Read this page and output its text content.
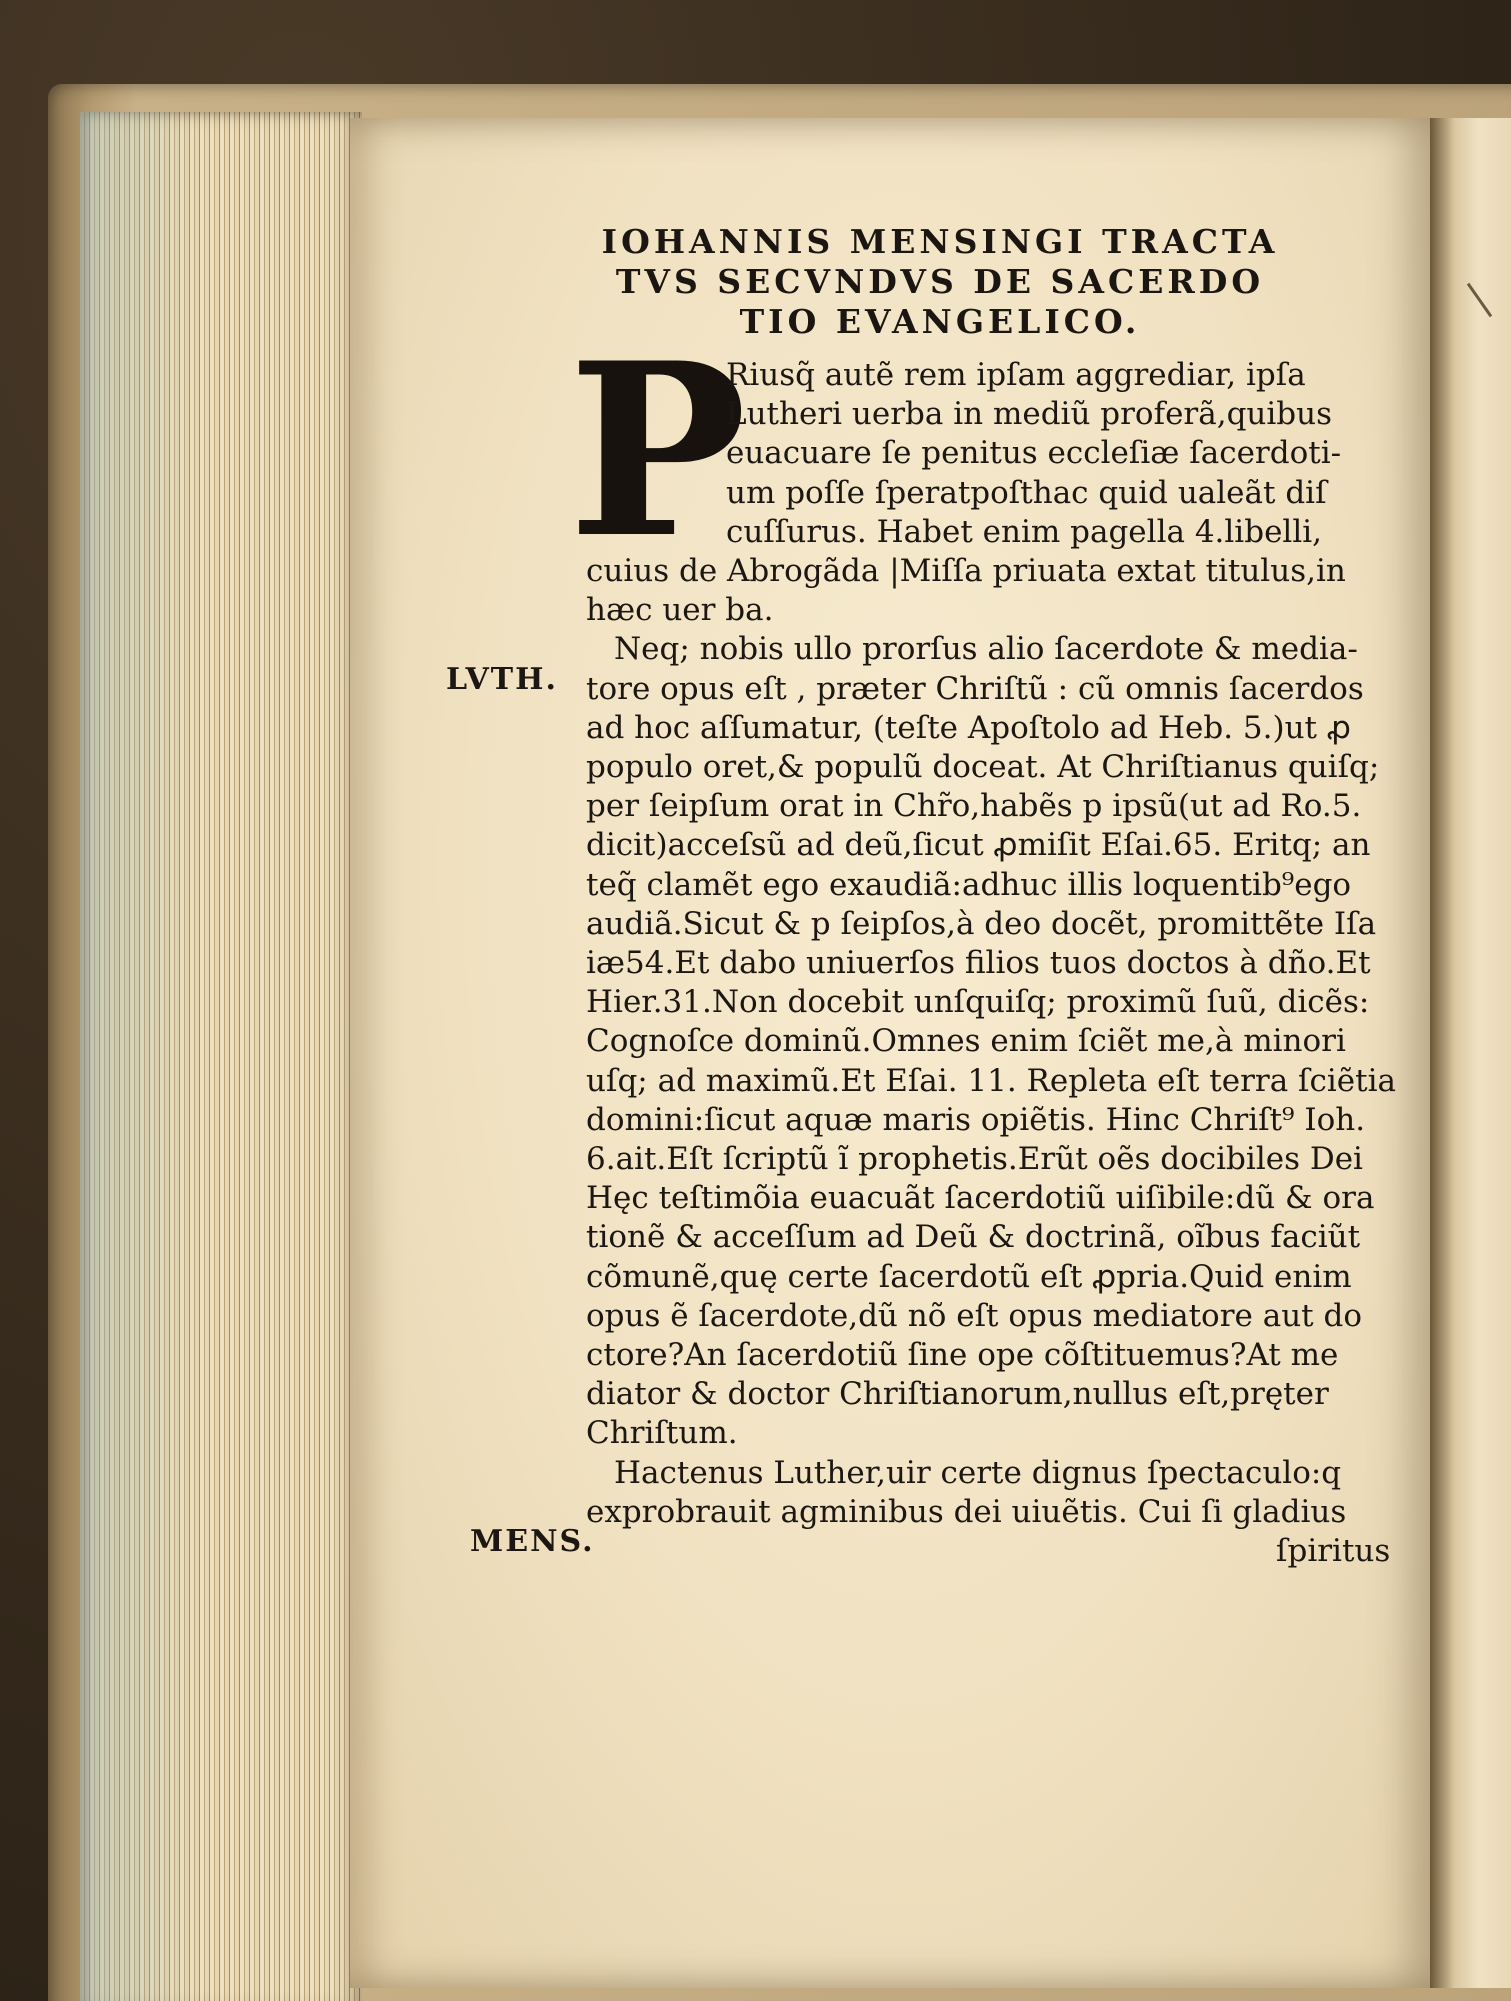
IOHANNIS MENSINGI TRACTA
TVS SECVNDVS DE SACERDO
TIO EVANGELICO.
P
Riusq̃ autẽ rem ipſam aggrediar, ipſa
Lutheri uerba in mediũ proferã,quibus
euacuare ſe penitus eccleſiæ ſacerdoti-
um poſſe ſperatpoſthac quid ualeãt diſ
cuſſurus. Habet enim pagella 4.libelli,
cuius de Abrogãda |Miſſa priuata extat titulus,in
hæc uer ba.
Neq; nobis ullo prorſus alio ſacerdote & media-
tore opus eſt , præter Chriſtũ : cũ omnis ſacerdos
ad hoc aſſumatur, (teſte Apoſtolo ad Heb. 5.)ut ꝓ
populo oret,& populũ doceat. At Chriſtianus quiſq;
per ſeipſum orat in Chr̃o,habẽs p ipsũ(ut ad Ro.5.
dicit)acceſsũ ad deũ,ſicut ꝓmiſit Eſai.65. Eritq; an
teq̃ clamẽt ego exaudiã:adhuc illis loquentib⁹ego
audiã.Sicut & p ſeipſos,à deo docẽt, promittẽte Iſa
iæ54.Et dabo uniuerſos filios tuos doctos à dño.Et
Hier.31.Non docebit unſquiſq; proximũ ſuũ, dicẽs:
Cognoſce dominũ.Omnes enim ſciẽt me,à minori
uſq; ad maximũ.Et Eſai. 11. Repleta eſt terra ſciẽtia
domini:ſicut aquæ maris opiẽtis. Hinc Chriſt⁹ Ioh.
6.ait.Eſt ſcriptũ ĩ prophetis.Erũt oẽs docibiles Dei
Hęc teſtimõia euacuãt ſacerdotiũ uiſibile:dũ & ora
tionẽ & acceſſum ad Deũ & doctrinã, oĩbus faciũt
cõmunẽ,quę certe ſacerdotũ eſt ꝓpria.Quid enim
opus ẽ ſacerdote,dũ nõ eſt opus mediatore aut do
ctore?An ſacerdotiũ ſine ope cõſtituemus?At me
diator & doctor Chriſtianorum,nullus eſt,pręter
Chriſtum.
Hactenus Luther,uir certe dignus ſpectaculo:q
exprobrauit agminibus dei uiuẽtis. Cui ſi gladius
ſpiritus
LVTH.
MENS.
